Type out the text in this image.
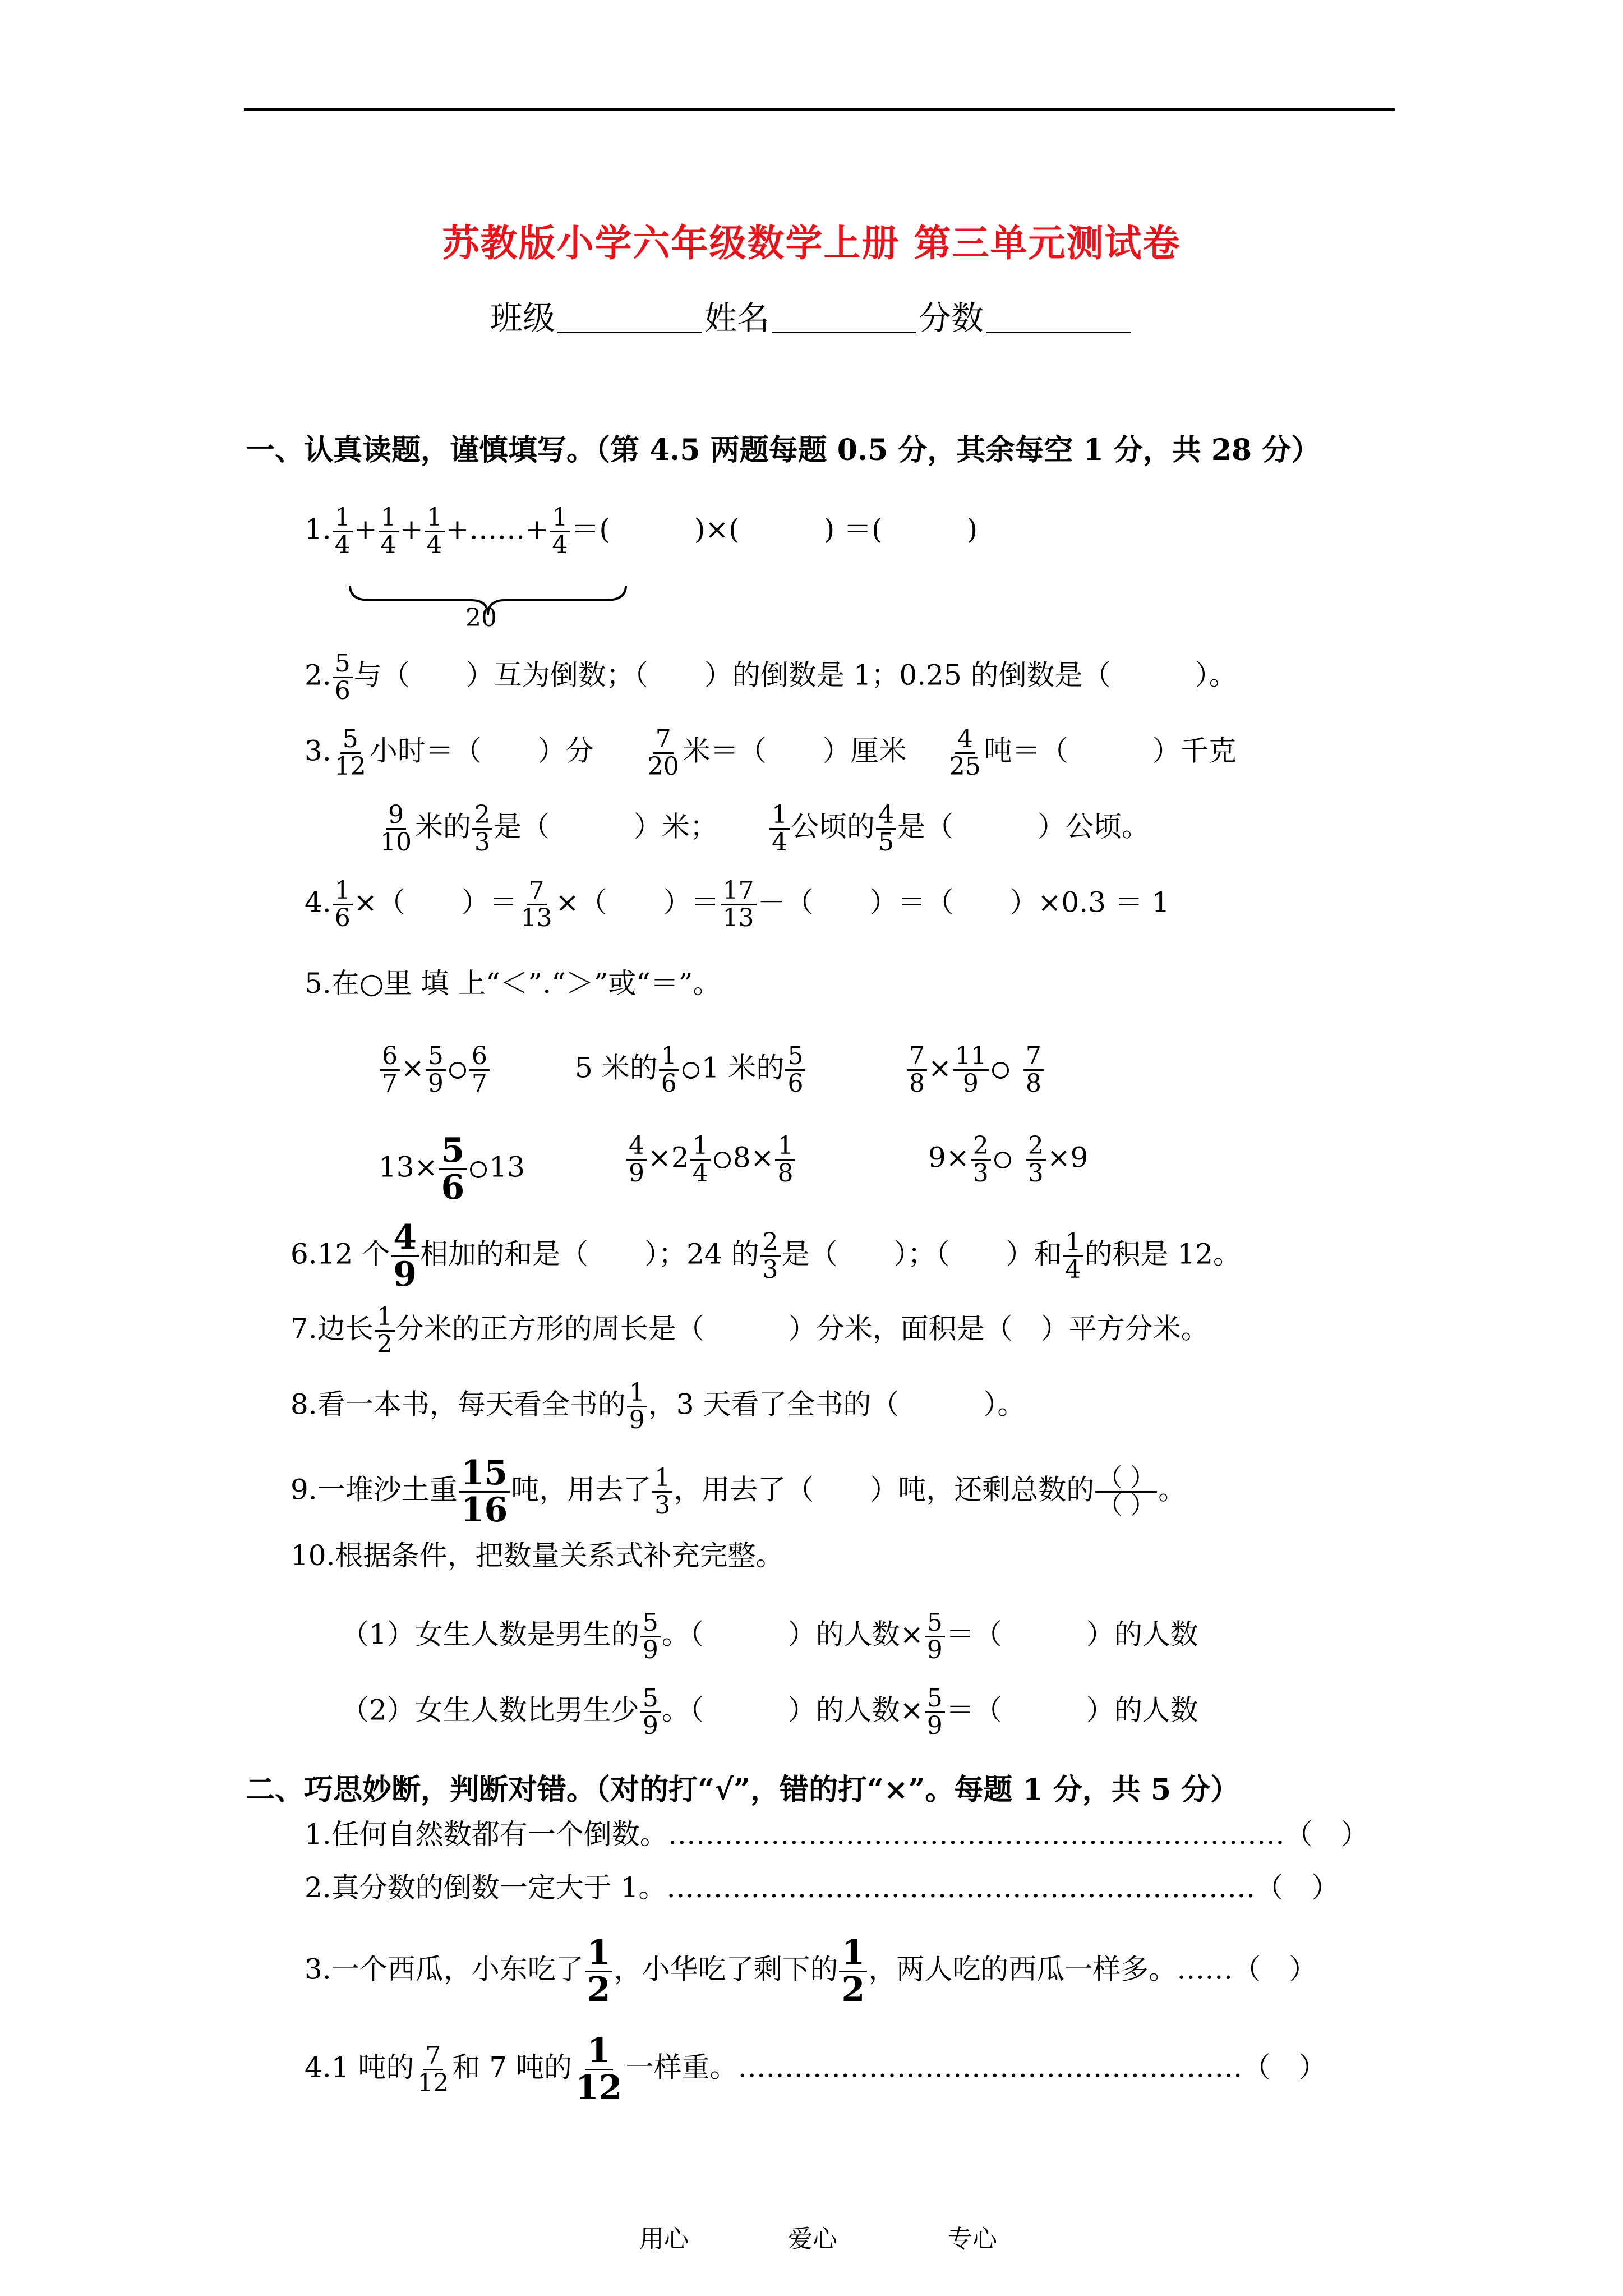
苏教版小学六年级数学上册 第三单元测试卷
班级	姓名	分数
一、认真读题，谨慎填写。（第 4.5 两题每题 0.5 分，其余每空 1 分，共 28 分）
1. $\frac{1}{4} + \frac{1}{4} + \frac{1}{4}$ +……+ $\frac{1}{4}$ ＝(　　　)×(　　　) ＝(　　　)
20
2. $\frac{5}{6}$ 与（　　）互为倒数；（　　）的倒数是 1；0.25 的倒数是（　　　）。
3. $\frac{5}{12}$ 小时＝（　　）分 $\frac{7}{20}$ 米＝（　　）厘米 $\frac{4}{25}$ 吨＝（　　　）千克
$\frac{9}{10}$ 米的 $\frac{2}{3}$ 是（　　　）米； $\frac{1}{4}$ 公顷的 $\frac{4}{5}$ 是（　　　）公顷。
4. $\frac{1}{6}$ ×（　　）＝ $\frac{7}{13}$ ×（　　）＝ $\frac{17}{13}$ －（　　）＝（　　）×0.3 ＝ 1
5.在○里 填 上“＜”.“＞”或“＝”。
$\frac{6}{7} \times \frac{5}{9} \frac{6}{7}$	5 米的 $\frac{1}{6} 1$ 米的 $\frac{5}{6}$	$\frac{7}{8} \times \frac{11}{9} \frac{7}{8}$
$13\times \frac{5}{6} 13$	$\frac{4}{9} \times 2 \frac{1}{4} 8\times \frac{1}{8}$	$9\times \frac{2}{3} \frac{2}{3} \times 9$
6.12 个 $\frac{4}{9}$ 相加的和是（　　）；24 的 $\frac{2}{3}$ 是（　　）；（　　）和 $\frac{1}{4}$ 的积是 12。
7.边长 $\frac{1}{2}$ 分米的正方形的周长是（　　　）分米，面积是（　）平方分米。
8.看一本书，每天看全书的 $\frac{1}{9}$ ，3 天看了全书的（　　　）。
9.一堆沙土重 $\frac{15}{16}$ 吨，用去了 $\frac{1}{3}$ ，用去了（　　）吨，还剩总数的 $\frac{( )}{( )}$ 。
10.根据条件，把数量关系式补充完整。
（1）女生人数是男生的 $\frac{5}{9}$ 。（　　　）的人数× $\frac{5}{9}$ ＝（　　　）的人数
（2）女生人数比男生少 $\frac{5}{9}$ 。（　　　）的人数× $\frac{5}{9}$ ＝（　　　）的人数
二、巧思妙断，判断对错。（对的打“√”，错的打“×”。每题 1 分，共 5 分）
1.任何自然数都有一个倒数。…………………………………………………………（　）
2.真分数的倒数一定大于 1。………………………………………………………（　）
3.一个西瓜，小东吃了 $\frac{1}{2}$ ，小华吃了剩下的 $\frac{1}{2}$ ，两人吃的西瓜一样多。……（　）
4.1 吨的 $\frac{7}{12}$ 和 7 吨的 $\frac{1}{12}$ 一样重。………………………………………………（　）
用心	爱心	专心
